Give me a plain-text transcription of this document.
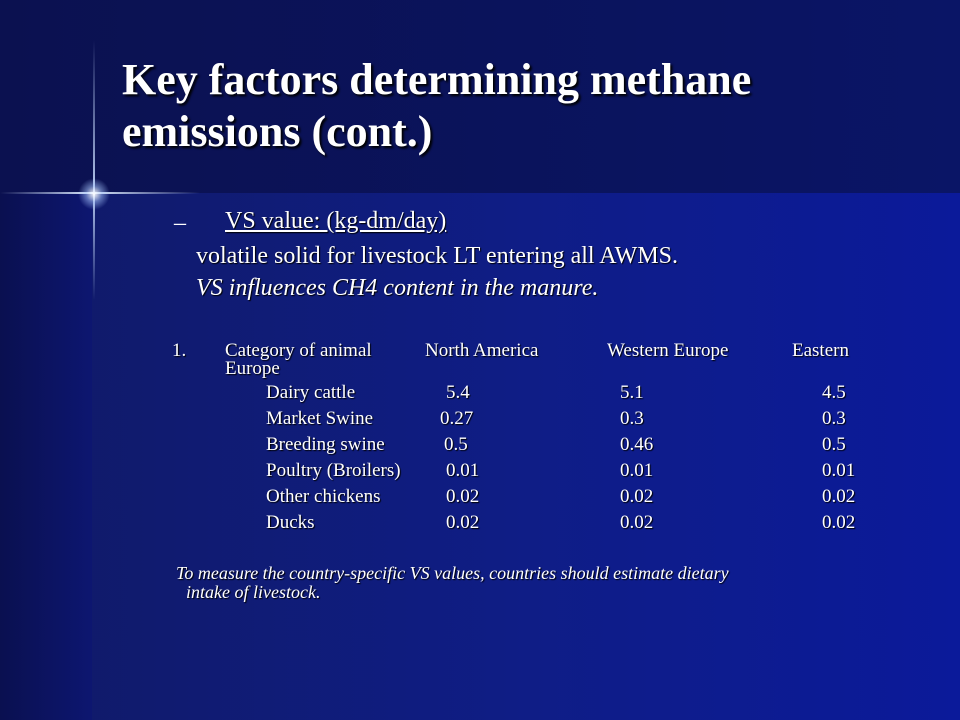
Key factors determining methane
emissions (cont.)
– VS value: (kg-dm/day)
volatile solid for livestock LT entering all AWMS.
VS influences CH4 content in the manure.
1. Category of animal	North America	Western Europe	Eastern
Europe
Dairy cattle	5.4	5.1	4.5
Market Swine	0.27	0.3	0.3
Breeding swine	0.5	0.46	0.5
Poultry (Broilers) 0.01	0.01	0.01
Other chickens	0.02	0.02	0.02
Ducks	0.02	0.02	0.02
To measure the country-specific VS values, countries should estimate dietary
intake of livestock.
